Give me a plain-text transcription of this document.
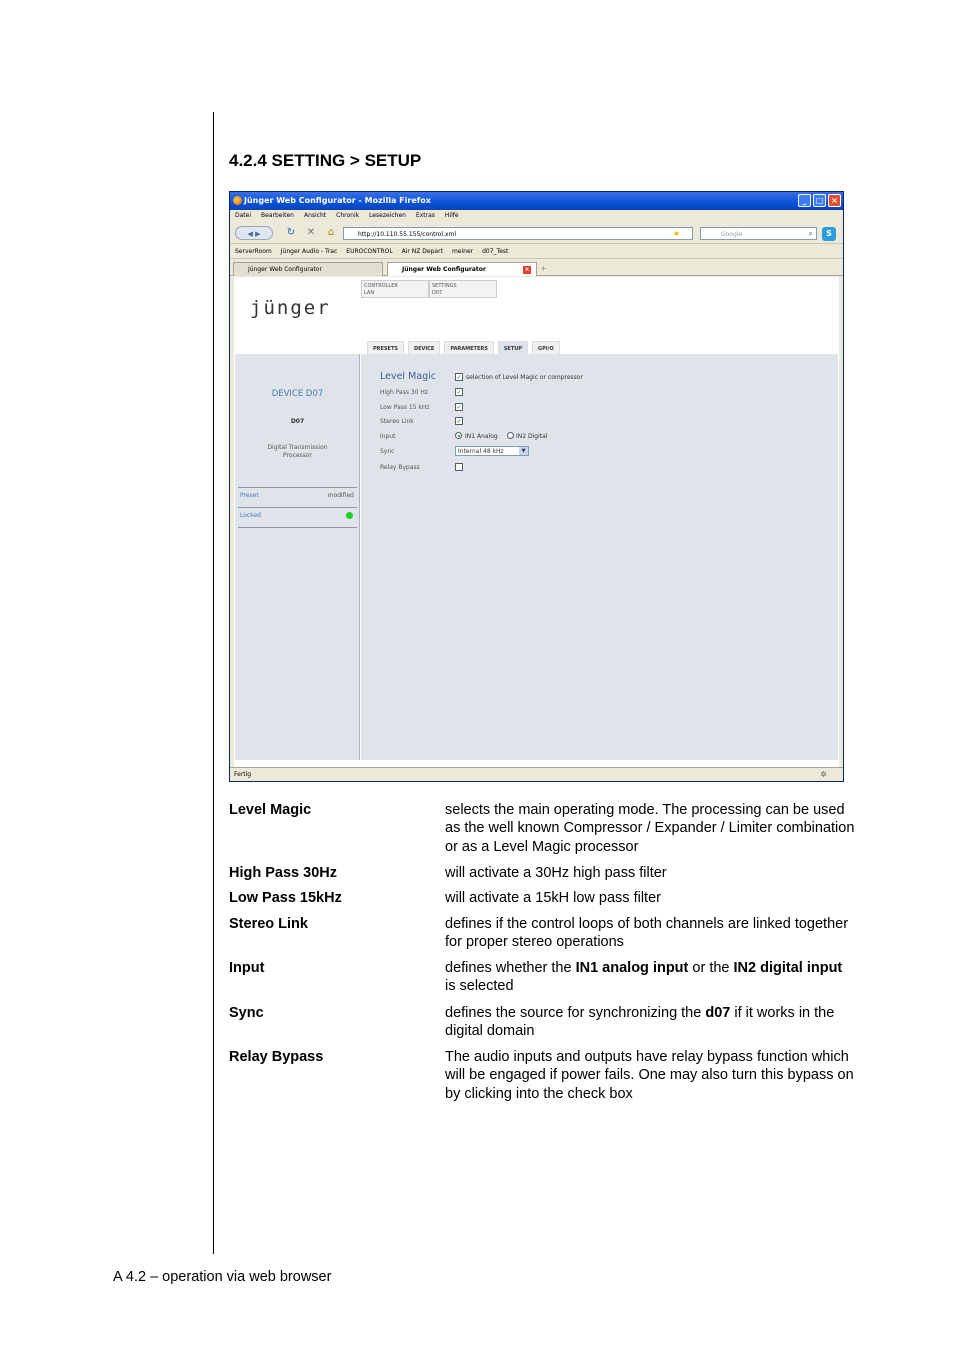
4.2.4 SETTING > SETUP
Jünger Web Configurator - Mozilla Firefox	_	□ ×
Datei Bearbeiten Ansicht Chronik Lesezeichen Extras Hilfe
◀ ▶	↻ ✕ ⌂	http://10.110.55.155/control.xml	★	Google	⌕	S
ServerRoom Jünger Audio - Trac EUROCONTROL Air NZ Depart meiner d07_Test
Jünger Web Configurator	Jünger Web Configurator	× +
jünger
CONTROLLER
LAN
SETTINGS
D07
PRESETS	DEVICE	PARAMETERS	SETUP	GPI/O
DEVICE D07
D07
Digital Transmission Processor
Preset	modified
Locked
Level Magic	✓ selection of Level Magic or compressor
High Pass 30 Hz	✓
Low Pass 15 kHz	✓
Stereo Link	✓
Input	IN1 Analog	IN2 Digital
Sync	Internal 48 kHz	▼
Relay Bypass
Fertig	✲
Level Magic	selects the main operating mode. The processing can be used as the well known Compressor / Expander / Limiter combination or as a Level Magic processor
High Pass 30Hz	will activate a 30Hz high pass filter
Low Pass 15kHz	will activate a 15kH low pass filter
Stereo Link	defines if the control loops of both channels are linked together for proper stereo operations
Input	defines whether the IN1 analog input or the IN2 digital input is selected
Sync	defines the source for synchronizing the d07 if it works in the digital domain
Relay Bypass	The audio inputs and outputs have relay bypass function which will be engaged if power fails. One may also turn this bypass on by clicking into the check box
A 4.2 – operation via web browser
